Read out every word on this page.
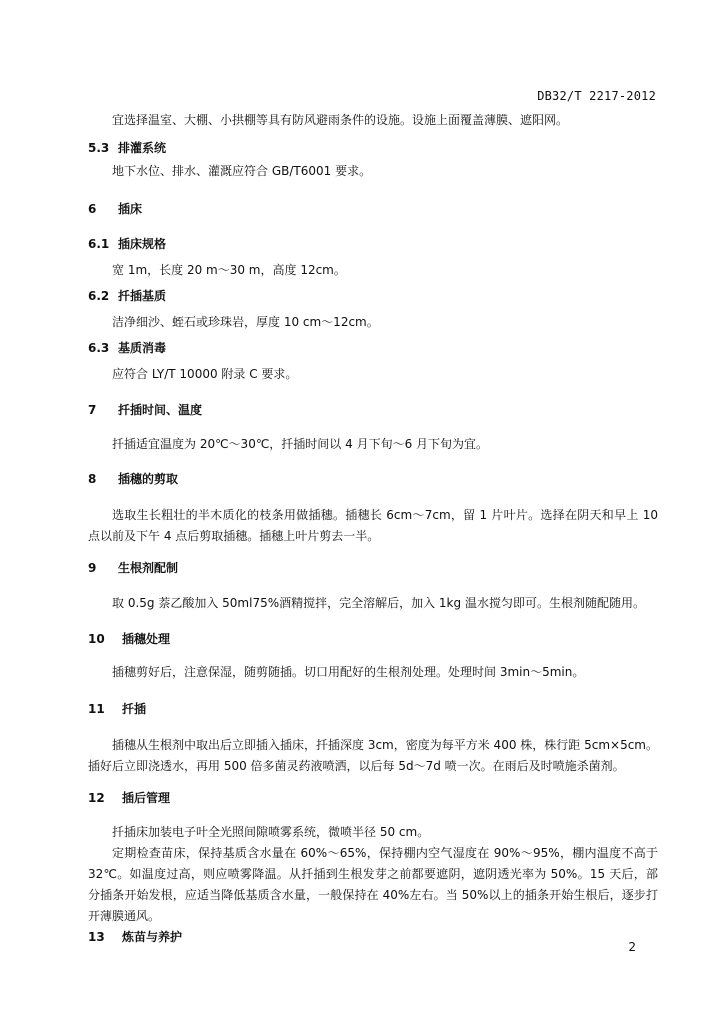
DB32/T 2217-2012
宜选择温室、大棚、小拱棚等具有防风避雨条件的设施。设施上面覆盖薄膜、遮阳网。
5.3 排灌系统
地下水位、排水、灌溉应符合 GB/T6001 要求。
6 插床
6.1 插床规格
宽 1m，长度 20 m～30 m，高度 12cm。
6.2 扦插基质
洁净细沙、蛭石或珍珠岩，厚度 10 cm～12cm。
6.3 基质消毒
应符合 LY/T 10000 附录 C 要求。
7 扦插时间、温度
扦插适宜温度为 20℃～30℃，扦插时间以 4 月下旬～6 月下旬为宜。
8 插穗的剪取
选取生长粗壮的半木质化的枝条用做插穗。插穗长 6cm～7cm，留 1 片叶片。选择在阴天和早上 10 点以前及下午 4 点后剪取插穗。插穗上叶片剪去一半。
9 生根剂配制
取 0.5g 萘乙酸加入 50ml75%酒精搅拌，完全溶解后，加入 1kg 温水搅匀即可。生根剂随配随用。
10 插穗处理
插穗剪好后，注意保湿，随剪随插。切口用配好的生根剂处理。处理时间 3min～5min。
11 扦插
插穗从生根剂中取出后立即插入插床，扦插深度 3cm，密度为每平方米 400 株，株行距 5cm×5cm。插好后立即浇透水，再用 500 倍多菌灵药液喷洒，以后每 5d～7d 喷一次。在雨后及时喷施杀菌剂。
12 插后管理
扦插床加装电子叶全光照间隙喷雾系统，微喷半径 50 cm。
定期检查苗床，保持基质含水量在 60%～65%，保持棚内空气湿度在 90%～95%，棚内温度不高于 32℃。如温度过高，则应喷雾降温。从扦插到生根发芽之前都要遮阴，遮阴透光率为 50%。15 天后，部分插条开始发根，应适当降低基质含水量，一般保持在 40%左右。当 50%以上的插条开始生根后，逐步打开薄膜通风。
13 炼苗与养护
2
